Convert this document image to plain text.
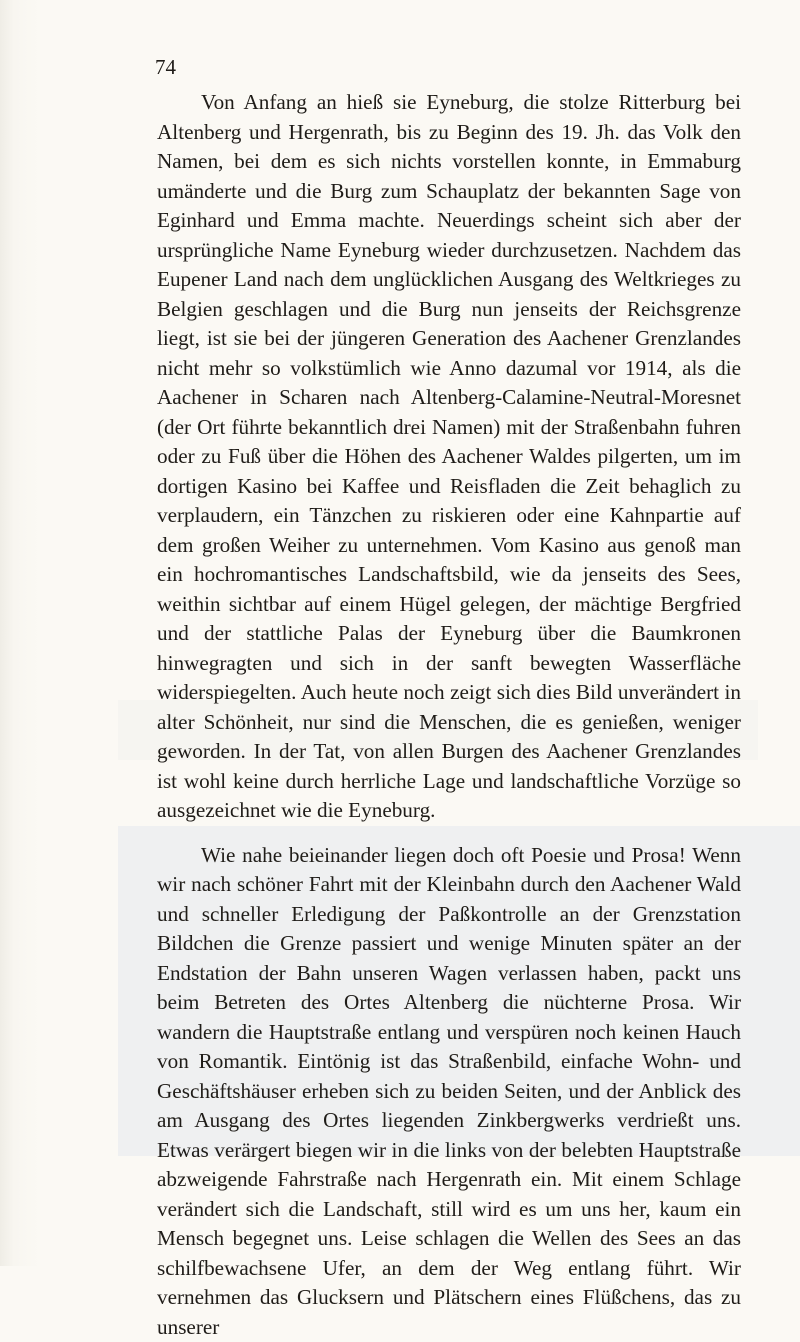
74

Von Anfang an hieß sie Eyneburg, die stolze Ritterburg bei Altenberg und Hergenrath, bis zu Beginn des 19. Jh. das Volk den Namen, bei dem es sich nichts vorstellen konnte, in Emmaburg umänderte und die Burg zum Schauplatz der bekannten Sage von Eginhard und Emma machte. Neuerdings scheint sich aber der ursprüngliche Name Eyneburg wieder durchzusetzen. Nachdem das Eupener Land nach dem unglücklichen Ausgang des Weltkrieges zu Belgien geschlagen und die Burg nun jenseits der Reichsgrenze liegt, ist sie bei der jüngeren Generation des Aachener Grenzlandes nicht mehr so volkstümlich wie Anno dazumal vor 1914, als die Aachener in Scharen nach Altenberg-Calamine-Neutral-Moresnet (der Ort führte bekanntlich drei Namen) mit der Straßenbahn fuhren oder zu Fuß über die Höhen des Aachener Waldes pilgerten, um im dortigen Kasino bei Kaffee und Reisfladen die Zeit behaglich zu verplaudern, ein Tänzchen zu riskieren oder eine Kahnpartie auf dem großen Weiher zu unternehmen. Vom Kasino aus genoß man ein hochromantisches Landschaftsbild, wie da jenseits des Sees, weithin sichtbar auf einem Hügel gelegen, der mächtige Bergfried und der stattliche Palas der Eyneburg über die Baumkronen hinwegragten und sich in der sanft bewegten Wasserfläche widerspiegelten. Auch heute noch zeigt sich dies Bild unverändert in alter Schönheit, nur sind die Menschen, die es genießen, weniger geworden. In der Tat, von allen Burgen des Aachener Grenzlandes ist wohl keine durch herrliche Lage und landschaftliche Vorzüge so ausgezeichnet wie die Eyneburg.

Wie nahe beieinander liegen doch oft Poesie und Prosa! Wenn wir nach schöner Fahrt mit der Kleinbahn durch den Aachener Wald und schneller Erledigung der Paßkontrolle an der Grenzstation Bildchen die Grenze passiert und wenige Minuten später an der Endstation der Bahn unseren Wagen verlassen haben, packt uns beim Betreten des Ortes Altenberg die nüchterne Prosa. Wir wandern die Hauptstraße entlang und verspüren noch keinen Hauch von Romantik. Eintönig ist das Straßenbild, einfache Wohn- und Geschäftshäuser erheben sich zu beiden Seiten, und der Anblick des am Ausgang des Ortes liegenden Zinkbergwerks verdrießt uns. Etwas verärgert biegen wir in die links von der belebten Hauptstraße abzweigende Fahrstraße nach Hergenrath ein. Mit einem Schlage verändert sich die Landschaft, still wird es um uns her, kaum ein Mensch begegnet uns. Leise schlagen die Wellen des Sees an das schilfbewachsene Ufer, an dem der Weg entlang führt. Wir vernehmen das Glucksern und Plätschern eines Flüßchens, das zu unserer
